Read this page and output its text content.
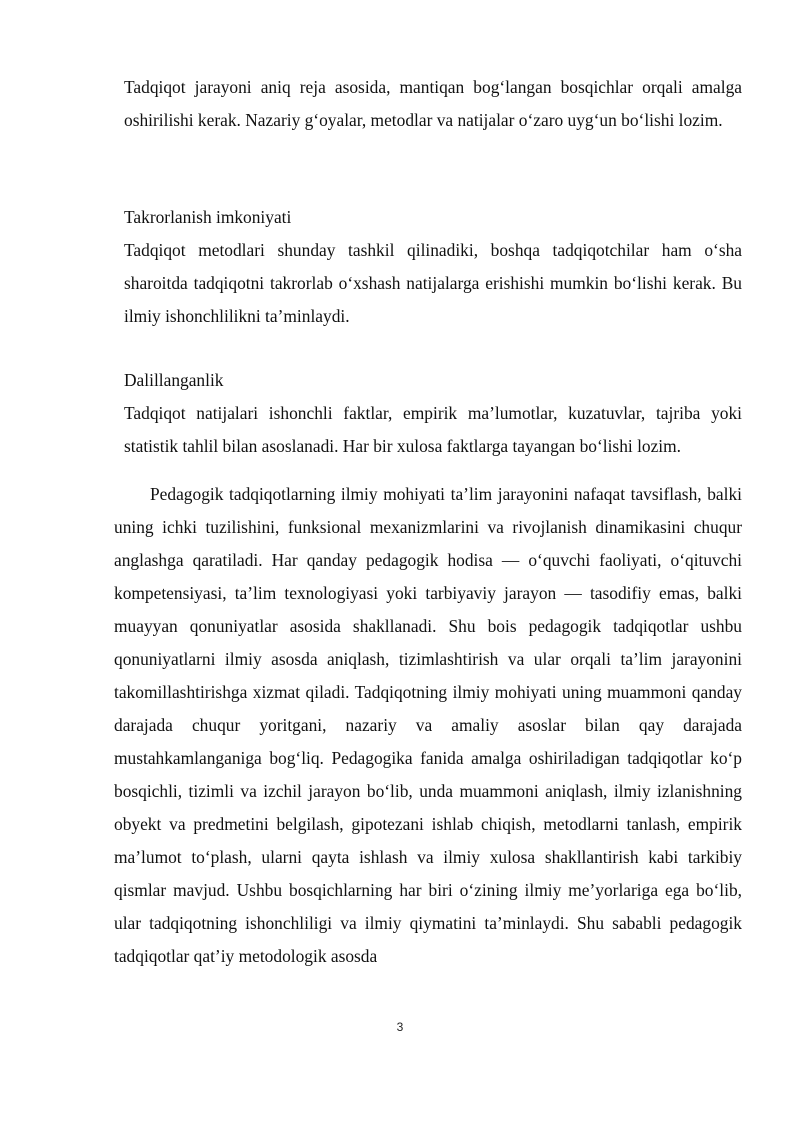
Tadqiqot jarayoni aniq reja asosida, mantiqan bog‘langan bosqichlar orqali amalga oshirilishi kerak. Nazariy g‘oyalar, metodlar va natijalar o‘zaro uyg‘un bo‘lishi lozim.

Takrorlanish imkoniyati

Tadqiqot metodlari shunday tashkil qilinadiki, boshqa tadqiqotchilar ham o‘sha sharoitda tadqiqotni takrorlab o‘xshash natijalarga erishishi mumkin bo‘lishi kerak. Bu ilmiy ishonchlilikni ta’minlaydi.

Dalillanganlik

Tadqiqot natijalari ishonchli faktlar, empirik ma’lumotlar, kuzatuvlar, tajriba yoki statistik tahlil bilan asoslanadi. Har bir xulosa faktlarga tayangan bo‘lishi lozim.

Pedagogik tadqiqotlarning ilmiy mohiyati ta’lim jarayonini nafaqat tavsiflash, balki uning ichki tuzilishini, funksional mexanizmlarini va rivojlanish dinamikasini chuqur anglashga qaratiladi. Har qanday pedagogik hodisa — o‘quvchi faoliyati, o‘qituvchi kompetensiyasi, ta’lim texnologiyasi yoki tarbiyaviy jarayon — tasodifiy emas, balki muayyan qonuniyatlar asosida shakllanadi. Shu bois pedagogik tadqiqotlar ushbu qonuniyatlarni ilmiy asosda aniqlash, tizimlashtirish va ular orqali ta’lim jarayonini takomillashtirishga xizmat qiladi. Tadqiqotning ilmiy mohiyati uning muammoni qanday darajada chuqur yoritgani, nazariy va amaliy asoslar bilan qay darajada mustahkamlanganiga bog‘liq. Pedagogika fanida amalga oshiriladigan tadqiqotlar ko‘p bosqichli, tizimli va izchil jarayon bo‘lib, unda muammoni aniqlash, ilmiy izlanishning obyekt va predmetini belgilash, gipotezani ishlab chiqish, metodlarni tanlash, empirik ma’lumot to‘plash, ularni qayta ishlash va ilmiy xulosa shakllantirish kabi tarkibiy qismlar mavjud. Ushbu bosqichlarning har biri o‘zining ilmiy me’yorlariga ega bo‘lib, ular tadqiqotning ishonchliligi va ilmiy qiymatini ta’minlaydi. Shu sababli pedagogik tadqiqotlar qat’iy metodologik asosda

3
